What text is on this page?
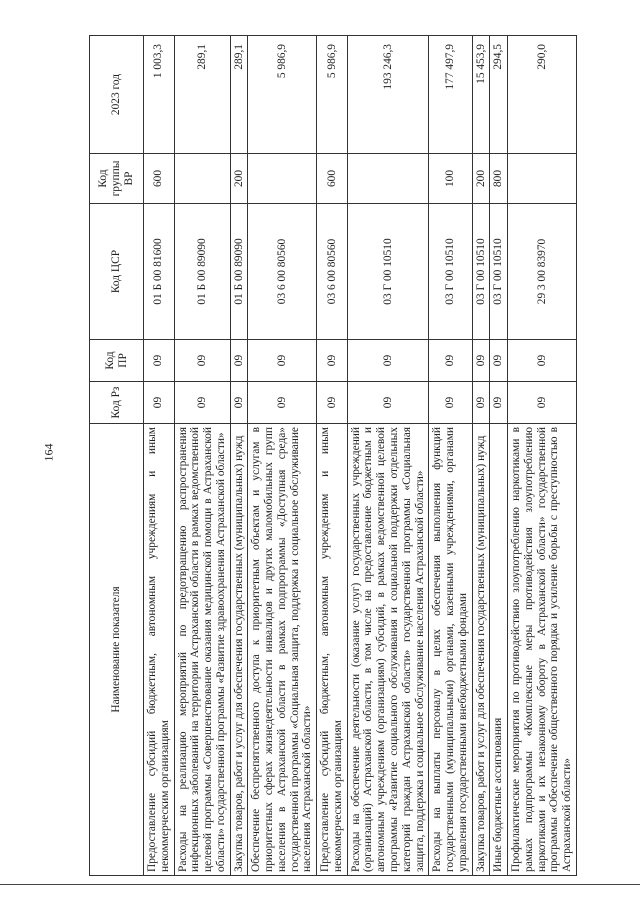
164
Наименование показателя	Код Рз	Код ПР	Код ЦСР	Код группы ВР	2023 год
Предоставление субсидий бюджетным, автономным учреждениям и иным некоммерческим организациям	09	09	01 Б 00 81600	600	1 003,3
Расходы на реализацию мероприятий по предотвращению распространения инфекционных заболеваний на территории Астраханской области в рамках ведомственной целевой программы «Совершенствование оказания медицинской помощи в Астраханской области» государственной программы «Развитие здравоохранения Астраханской области»	09	09	01 Б 00 89090		289,1
Закупка товаров, работ и услуг для обеспечения государственных (муниципальных) нужд	09	09	01 Б 00 89090	200	289,1
Обеспечение беспрепятственного доступа к приоритетным объектам и услугам в приоритетных сферах жизнедеятельности инвалидов и других маломобильных групп населения в Астраханской области в рамках подпрограммы «Доступная среда» государственной программы «Социальная защита, поддержка и социальное обслуживание населения Астраханской области»	09	09	03 6 00 80560		5 986,9
Предоставление субсидий бюджетным, автономным учреждениям и иным некоммерческим организациям	09	09	03 6 00 80560	600	5 986,9
Расходы на обеспечение деятельности (оказание услуг) государственных учреждений (организаций) Астраханской области, в том числе на предоставление бюджетным и автономным учреждениям (организациям) субсидий, в рамках ведомственной целевой программы «Развитие социального обслуживания и социальной поддержки отдельных категорий граждан Астраханской области» государственной программы «Социальная защита, поддержка и социальное обслуживание населения Астраханской области»	09	09	03 Г 00 10510		193 246,3
Расходы на выплаты персоналу в целях обеспечения выполнения функций государственными (муниципальными) органами, казенными учреждениями, органами управления государственными внебюджетными фондами	09	09	03 Г 00 10510	100	177 497,9
Закупка товаров, работ и услуг для обеспечения государственных (муниципальных) нужд	09	09	03 Г 00 10510	200	15 453,9
Иные бюджетные ассигнования	09	09	03 Г 00 10510	800	294,5
Профилактические мероприятия по противодействию злоупотреблению наркотиками в рамках подпрограммы «Комплексные меры противодействия злоупотреблению наркотиками и их незаконному обороту в Астраханской области» государственной программы «Обеспечение общественного порядка и усиление борьбы с преступностью в Астраханской области»	09	09	29 3 00 83970		290,0
